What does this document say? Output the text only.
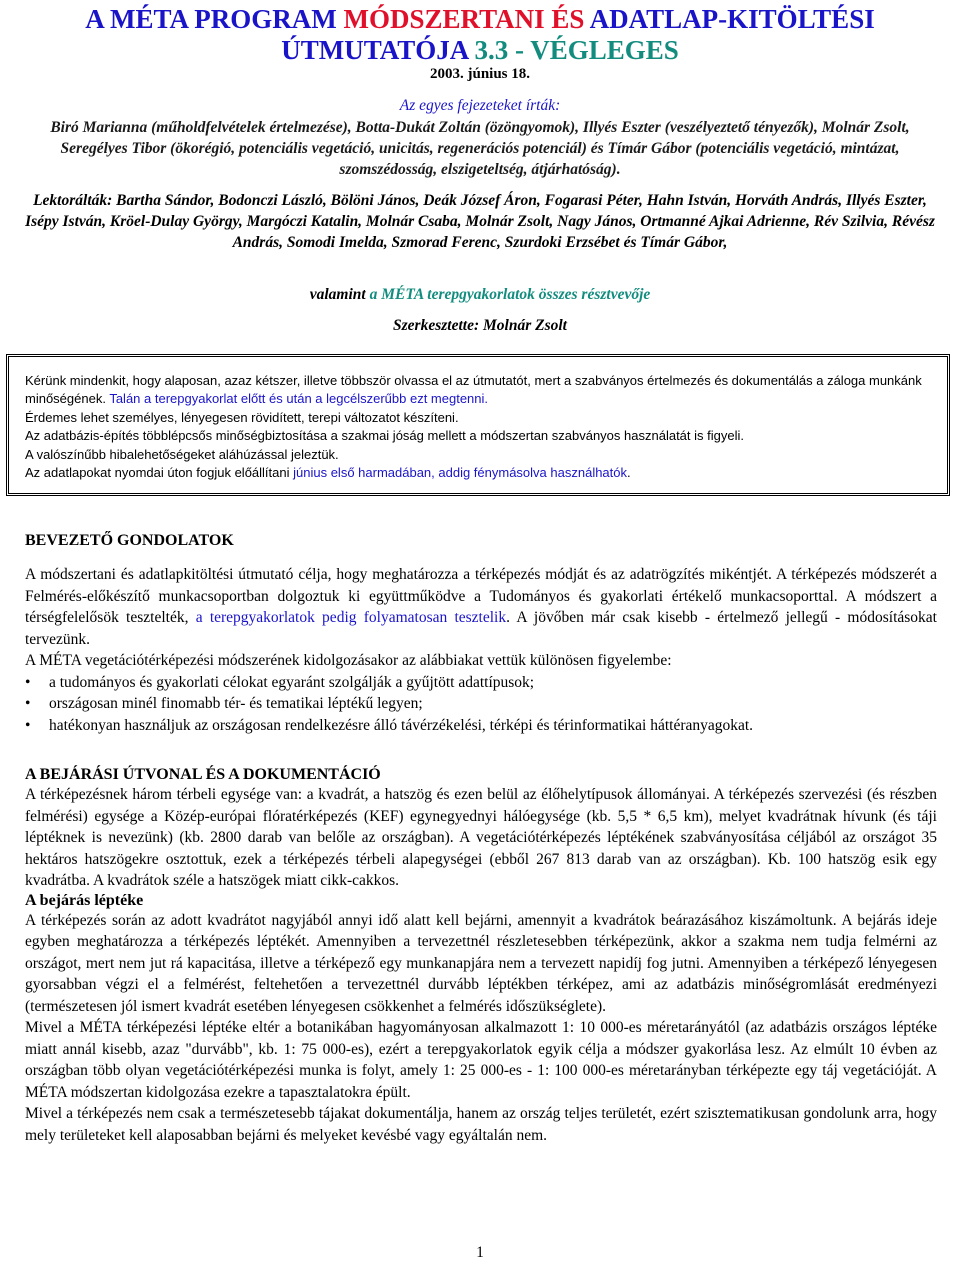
A MÉTA PROGRAM MÓDSZERTANI ÉS ADATLAP-KITÖLTÉSI ÚTMUTATÓJA 3.3 - VÉGLEGES
2003. június 18.
Az egyes fejezeteket írták:
Biró Marianna (műholdfelvételek értelmezése), Botta-Dukát Zoltán (özöngyomok), Illyés Eszter (veszélyeztető tényezők), Molnár Zsolt, Seregélyes Tibor (ökorégió, potenciális vegetáció, unicitás, regenerációs potenciál) és Tímár Gábor (potenciális vegetáció, mintázat, szomszédosság, elszigeteltség, átjárhatóság).
Lektorálták: Bartha Sándor, Bodonczi László, Bölöni János, Deák József Áron, Fogarasi Péter, Hahn István, Horváth András, Illyés Eszter, Isépy István, Kröel-Dulay György, Margóczi Katalin, Molnár Csaba, Molnár Zsolt, Nagy János, Ortmanné Ajkai Adrienne, Rév Szilvia, Révész András, Somodi Imelda, Szmorad Ferenc, Szurdoki Erzsébet és Tímár Gábor,
valamint a MÉTA terepgyakorlatok összes résztvevője
Szerkesztette: Molnár Zsolt

Kérünk mindenkit, hogy alaposan, azaz kétszer, illetve többször olvassa el az útmutatót, mert a szabványos értelmezés és dokumentálás a záloga munkánk minőségének. Talán a terepgyakorlat előtt és után a legcélszerűbb ezt megtenni.

Érdemes lehet személyes, lényegesen rövidített, terepi változatot készíteni.

Az adatbázis-építés többlépcsős minőségbiztosítása a szakmai jóság mellett a módszertan szabványos használatát is figyeli.

A valószínűbb hibalehetőségeket aláhúzással jeleztük.

Az adatlapokat nyomdai úton fogjuk előállítani június első harmadában, addig fénymásolva használhatók.

BEVEZETŐ GONDOLATOK

A módszertani és adatlapkitöltési útmutató célja, hogy meghatározza a térképezés módját és az adatrögzítés mikéntjét. A térképezés módszerét a Felmérés-előkészítő munkacsoportban dolgoztuk ki együttműködve a Tudományos és gyakorlati értékelő munkacsoporttal. A módszert a térségfelelősök tesztelték, a terepgyakorlatok pedig folyamatosan tesztelik. A jövőben már csak kisebb - értelmező jellegű - módosításokat tervezünk.

A MÉTA vegetációtérképezési módszerének kidolgozásakor az alábbiakat vettük különösen figyelembe:

• a tudományos és gyakorlati célokat egyaránt szolgálják a gyűjtött adattípusok;
• országosan minél finomabb tér- és tematikai léptékű legyen;
• hatékonyan használjuk az országosan rendelkezésre álló távérzékelési, térképi és térinformatikai háttéranyagokat.
A BEJÁRÁSI ÚTVONAL ÉS A DOKUMENTÁCIÓ

A térképezésnek három térbeli egysége van: a kvadrát, a hatszög és ezen belül az élőhelytípusok állományai. A térképezés szervezési (és részben felmérési) egysége a Közép-európai flóratérképezés (KEF) egynegyednyi hálóegysége (kb. 5,5 * 6,5 km), melyet kvadrátnak hívunk (és táji léptéknek is nevezünk) (kb. 2800 darab van belőle az országban). A vegetációtérképezés léptékének szabványosítása céljából az országot 35 hektáros hatszögekre osztottuk, ezek a térképezés térbeli alapegységei (ebből 267 813 darab van az országban). Kb. 100 hatszög esik egy kvadrátba. A kvadrátok széle a hatszögek miatt cikk-cakkos.

A bejárás léptéke

A térképezés során az adott kvadrátot nagyjából annyi idő alatt kell bejárni, amennyit a kvadrátok beárazásához kiszámoltunk. A bejárás ideje egyben meghatározza a térképezés léptékét. Amennyiben a tervezettnél részletesebben térképezünk, akkor a szakma nem tudja felmérni az országot, mert nem jut rá kapacitása, illetve a térképező egy munkanapjára nem a tervezett napidíj fog jutni. Amennyiben a térképező lényegesen gyorsabban végzi el a felmérést, feltehetően a tervezettnél durvább léptékben térképez, ami az adatbázis minőségromlását eredményezi (természetesen jól ismert kvadrát esetében lényegesen csökkenhet a felmérés időszükséglete).

Mivel a MÉTA térképezési léptéke eltér a botanikában hagyományosan alkalmazott 1: 10 000-es méretarányától (az adatbázis országos léptéke miatt annál kisebb, azaz "durvább", kb. 1: 75 000-es), ezért a terepgyakorlatok egyik célja a módszer gyakorlása lesz. Az elmúlt 10 évben az országban több olyan vegetációtérképezési munka is folyt, amely 1: 25 000-es - 1: 100 000-es méretarányban térképezte egy táj vegetációját. A MÉTA módszertan kidolgozása ezekre a tapasztalatokra épült.

Mivel a térképezés nem csak a természetesebb tájakat dokumentálja, hanem az ország teljes területét, ezért szisztematikusan gondolunk arra, hogy mely területeket kell alaposabban bejárni és melyeket kevésbé vagy egyáltalán nem.

1
